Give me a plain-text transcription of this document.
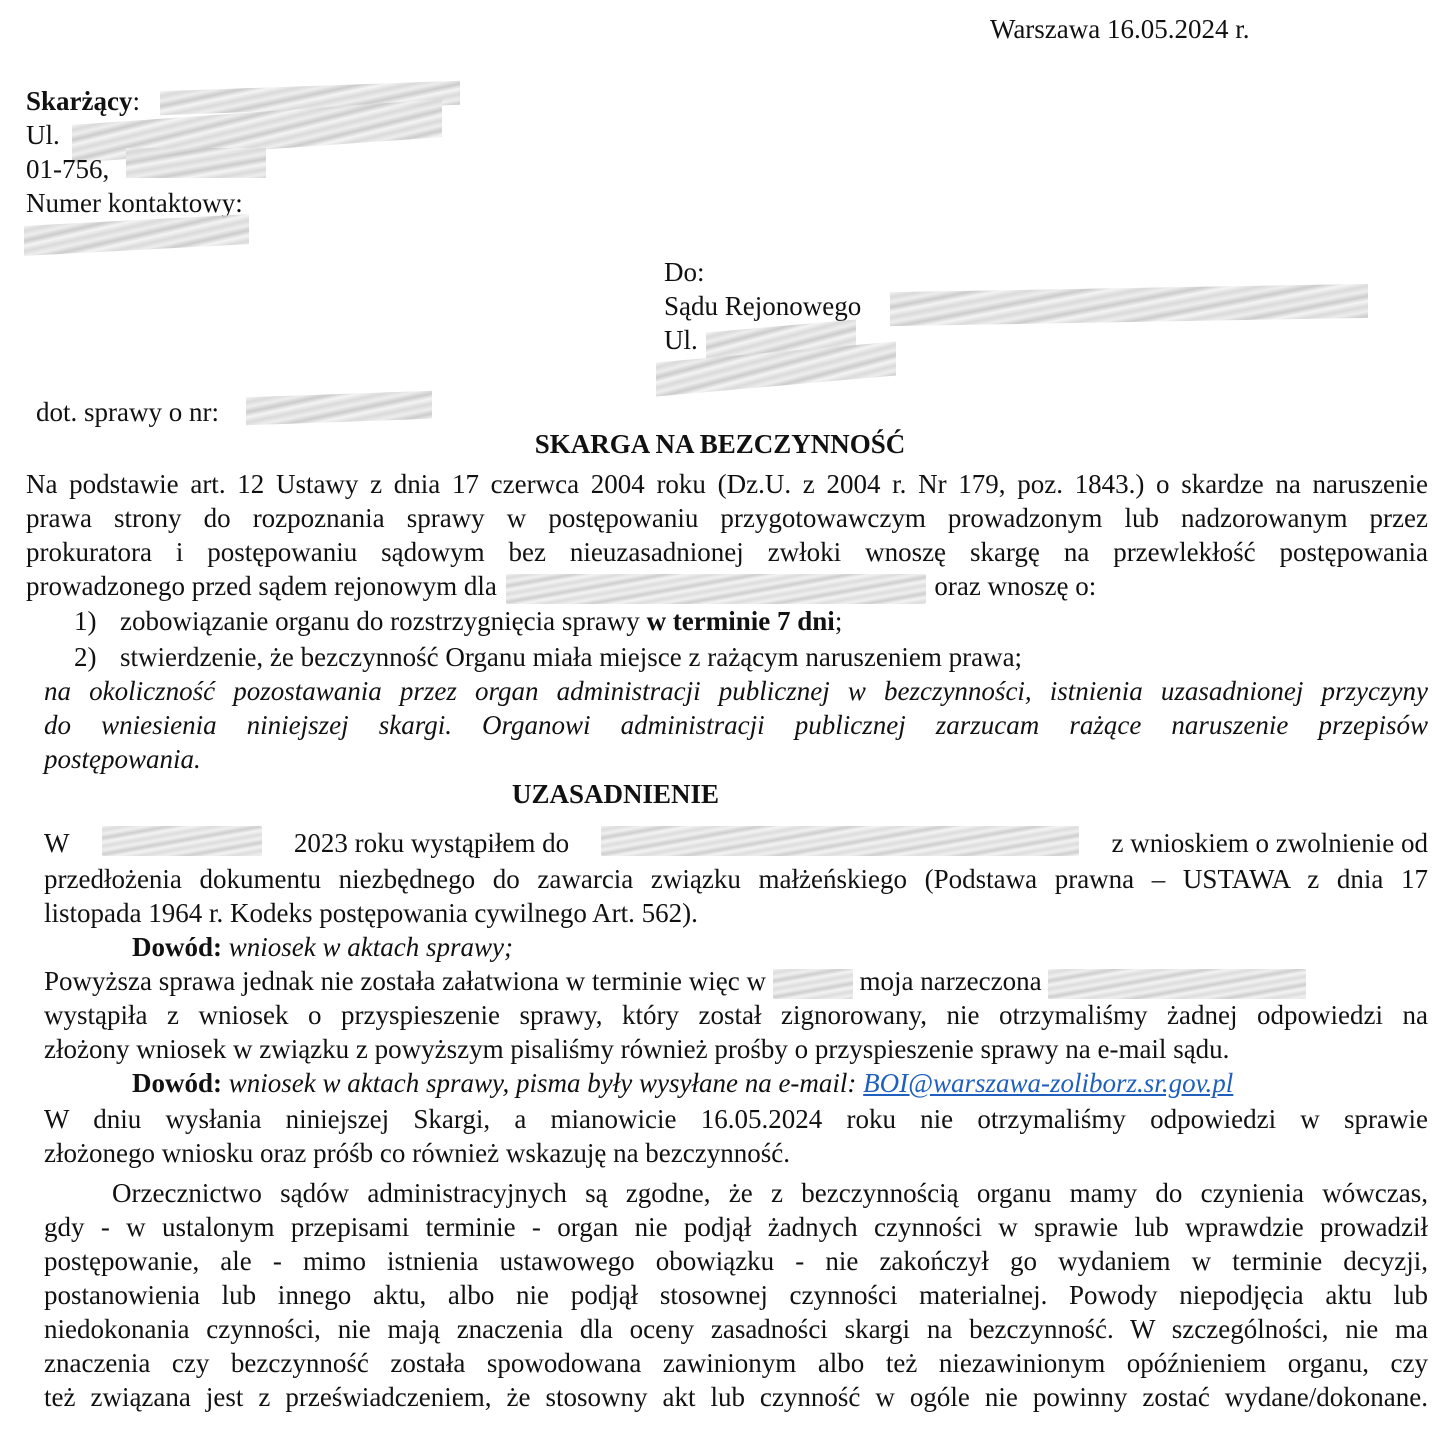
Warszawa 16.05.2024 r.
Skarżący:
Ul.
01-756,
Numer kontaktowy:
Do:
Sądu Rejonowego
Ul.
dot. sprawy o nr:
SKARGA NA BEZCZYNNOŚĆ
Na podstawie art. 12 Ustawy z dnia 17 czerwca 2004 roku (Dz.U. z 2004 r. Nr 179, poz. 1843.) o skardze na naruszenie
prawa strony do rozpoznania sprawy w postępowaniu przygotowawczym prowadzonym lub nadzorowanym przez
prokuratora i postępowaniu sądowym bez nieuzasadnionej zwłoki wnoszę skargę na przewlekłość postępowania
prowadzonego przed sądem rejonowym dla	oraz wnoszę o:
1) zobowiązanie organu do rozstrzygnięcia sprawy w terminie 7 dni;
2) stwierdzenie, że bezczynność Organu miała miejsce z rażącym naruszeniem prawa;
na okoliczność pozostawania przez organ administracji publicznej w bezczynności, istnienia uzasadnionej przyczyny
do wniesienia niniejszej skargi. Organowi administracji publicznej zarzucam rażące naruszenie przepisów
postępowania.
UZASADNIENIE
W	2023 roku wystąpiłem do	z wnioskiem o zwolnienie od
przedłożenia dokumentu niezbędnego do zawarcia związku małżeńskiego (Podstawa prawna – USTAWA z dnia 17
listopada 1964 r. Kodeks postępowania cywilnego Art. 562).
Dowód: wniosek w aktach sprawy;
Powyższa sprawa jednak nie została załatwiona w terminie więc w	moja narzeczona
wystąpiła z wniosek o przyspieszenie sprawy, który został zignorowany, nie otrzymaliśmy żadnej odpowiedzi na
złożony wniosek w związku z powyższym pisaliśmy również prośby o przyspieszenie sprawy na e-mail sądu.
Dowód: wniosek w aktach sprawy, pisma były wysyłane na e-mail: BOI@warszawa-zoliborz.sr.gov.pl
W dniu wysłania niniejszej Skargi, a mianowicie 16.05.2024 roku nie otrzymaliśmy odpowiedzi w sprawie
złożonego wniosku oraz próśb co również wskazuję na bezczynność.
Orzecznictwo sądów administracyjnych są zgodne, że z bezczynnością organu mamy do czynienia wówczas,
gdy - w ustalonym przepisami terminie - organ nie podjął żadnych czynności w sprawie lub wprawdzie prowadził
postępowanie, ale - mimo istnienia ustawowego obowiązku - nie zakończył go wydaniem w terminie decyzji,
postanowienia lub innego aktu, albo nie podjął stosownej czynności materialnej. Powody niepodjęcia aktu lub
niedokonania czynności, nie mają znaczenia dla oceny zasadności skargi na bezczynność. W szczególności, nie ma
znaczenia czy bezczynność została spowodowana zawinionym albo też niezawinionym opóźnieniem organu, czy
też związana jest z przeświadczeniem, że stosowny akt lub czynność w ogóle nie powinny zostać wydane/dokonane.
